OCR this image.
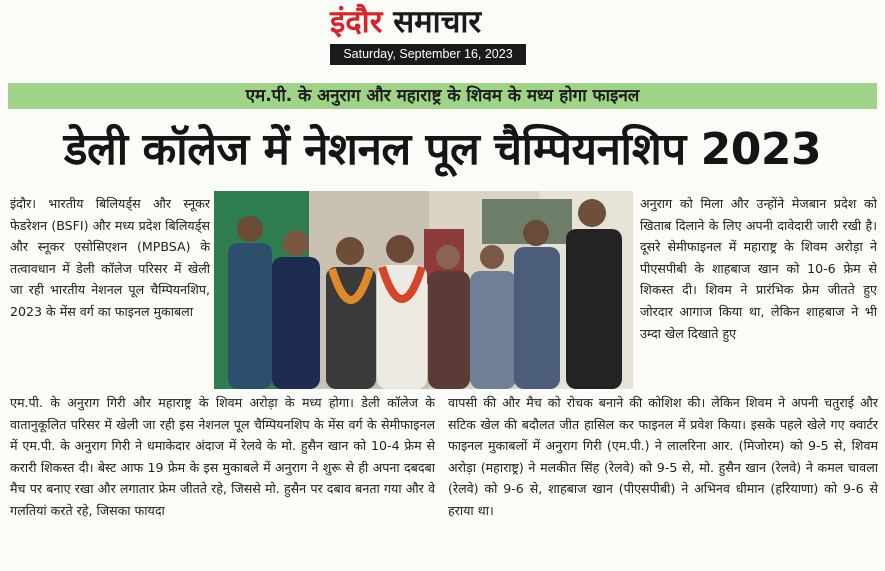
इंदौर समाचार
Saturday, September 16, 2023
एम.पी. के अनुराग और महाराष्ट्र के शिवम के मध्य होगा फाइनल
डेली कॉलेज में नेशनल पूल चैम्पियनशिप 2023
इंदौर। भारतीय बिलियर्ड्स और स्नूकर फेडरेशन (BSFI) और मध्य प्रदेश बिलियर्ड्स और स्नूकर एसोसिएशन (MPBSA) के तत्वावधान में डेली कॉलेज परिसर में खेली जा रही भारतीय नेशनल पूल चैम्पियनशिप, 2023 के मेंस वर्ग का फाइनल मुकाबला
अनुराग को मिला और उन्होंने मेजबान प्रदेश को खिताब दिलाने के लिए अपनी दावेदारी जारी रखी है। दूसरे सेमीफाइनल में महाराष्ट्र के शिवम अरोड़ा ने पीएसपीबी के शाहबाज खान को 10-6 फ्रेम से शिकस्त दी। शिवम ने प्रारंभिक फ्रेम जीतते हुए जोरदार आगाज किया था, लेकिन शाहबाज ने भी उम्दा खेल दिखाते हुए
एम.पी. के अनुराग गिरी और महाराष्ट्र के शिवम अरोड़ा के मध्य होगा। डेली कॉलेज के वातानुकूलित परिसर में खेली जा रही इस नेशनल पूल चैम्पियनशिप के मेंस वर्ग के सेमीफाइनल में एम.पी. के अनुराग गिरी ने धमाकेदार अंदाज में रेलवे के मो. हुसैन खान को 10-4 फ्रेम से करारी शिकस्त दी। बेस्ट आफ 19 फ्रेम के इस मुकाबले में अनुराग ने शुरू से ही अपना दबदबा मैच पर बनाए रखा और लगातार फ्रेम जीतते रहे, जिससे मो. हुसैन पर दबाव बनता गया और वे गलतियां करते रहे, जिसका फायदा
वापसी की और मैच को रोचक बनाने की कोशिश की। लेकिन शिवम ने अपनी चतुराई और सटिक खेल की बदौलत जीत हासिल कर फाइनल में प्रवेश किया। इसके पहले खेले गए क्वार्टर फाइनल मुकाबलों में अनुराग गिरी (एम.पी.) ने लालरिना आर. (मिजोरम) को 9-5 से, शिवम अरोड़ा (महाराष्ट्र) ने मलकीत सिंह (रेलवे) को 9-5 से, मो. हुसैन खान (रेलवे) ने कमल चावला (रेलवे) को 9-6 से, शाहबाज खान (पीएसपीबी) ने अभिनव धीमान (हरियाणा) को 9-6 से हराया था।
